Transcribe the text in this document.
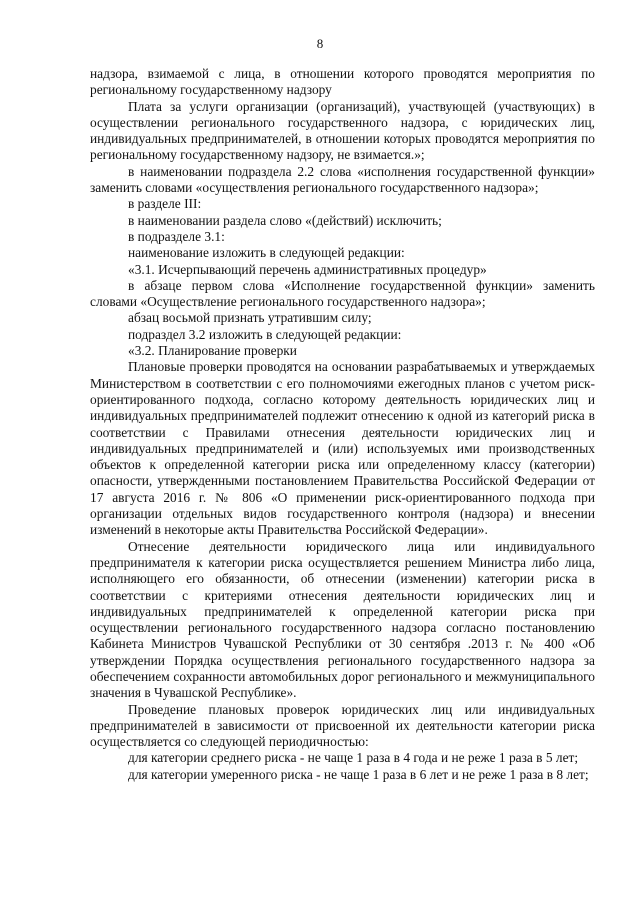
8

надзора, взимаемой с лица, в отношении которого проводятся мероприятия по региональному государственному надзору

Плата за услуги организации (организаций), участвующей (участвующих) в осуществлении регионального государственного надзора, с юридических лиц, индивидуальных предпринимателей, в отношении которых проводятся мероприятия по региональному государственному надзору, не взимается.»;

в наименовании подраздела 2.2 слова «исполнения государственной функции» заменить словами «осуществления регионального государственного надзора»;

в разделе III:

в наименовании раздела слово «(действий) исключить;

в подразделе 3.1:

наименование изложить в следующей редакции:

«3.1. Исчерпывающий перечень административных процедур»

в абзаце первом слова «Исполнение государственной функции» заменить словами «Осуществление регионального государственного надзора»;

абзац восьмой признать утратившим силу;

подраздел 3.2 изложить в следующей редакции:

«3.2. Планирование проверки

Плановые проверки проводятся на основании разрабатываемых и утверждаемых Министерством в соответствии с его полномочиями ежегодных планов с учетом риск-ориентированного подхода, согласно которому деятельность юридических лиц и индивидуальных предпринимателей подлежит отнесению к одной из категорий риска в соответствии с Правилами отнесения деятельности юридических лиц и индивидуальных предпринимателей и (или) используемых ими производственных объектов к определенной категории риска или определенному классу (категории) опасности, утвержденными постановлением Правительства Российской Федерации от 17 августа 2016 г. № 806 «О применении риск-ориентированного подхода при организации отдельных видов государственного контроля (надзора) и внесении изменений в некоторые акты Правительства Российской Федерации».

Отнесение деятельности юридического лица или индивидуального предпринимателя к категории риска осуществляется решением Министра либо лица, исполняющего его обязанности, об отнесении (изменении) категории риска в соответствии с критериями отнесения деятельности юридических лиц и индивидуальных предпринимателей к определенной категории риска при осуществлении регионального государственного надзора согласно постановлению Кабинета Министров Чувашской Республики от 30 сентября .2013 г. № 400 «Об утверждении Порядка осуществления регионального государственного надзора за обеспечением сохранности автомобильных дорог регионального и межмуниципального значения в Чувашской Республике».

Проведение плановых проверок юридических лиц или индивидуальных предпринимателей в зависимости от присвоенной их деятельности категории риска осуществляется со следующей периодичностью:

для категории среднего риска - не чаще 1 раза в 4 года и не реже 1 раза в 5 лет;

для категории умеренного риска - не чаще 1 раза в 6 лет и не реже 1 раза в 8 лет;
